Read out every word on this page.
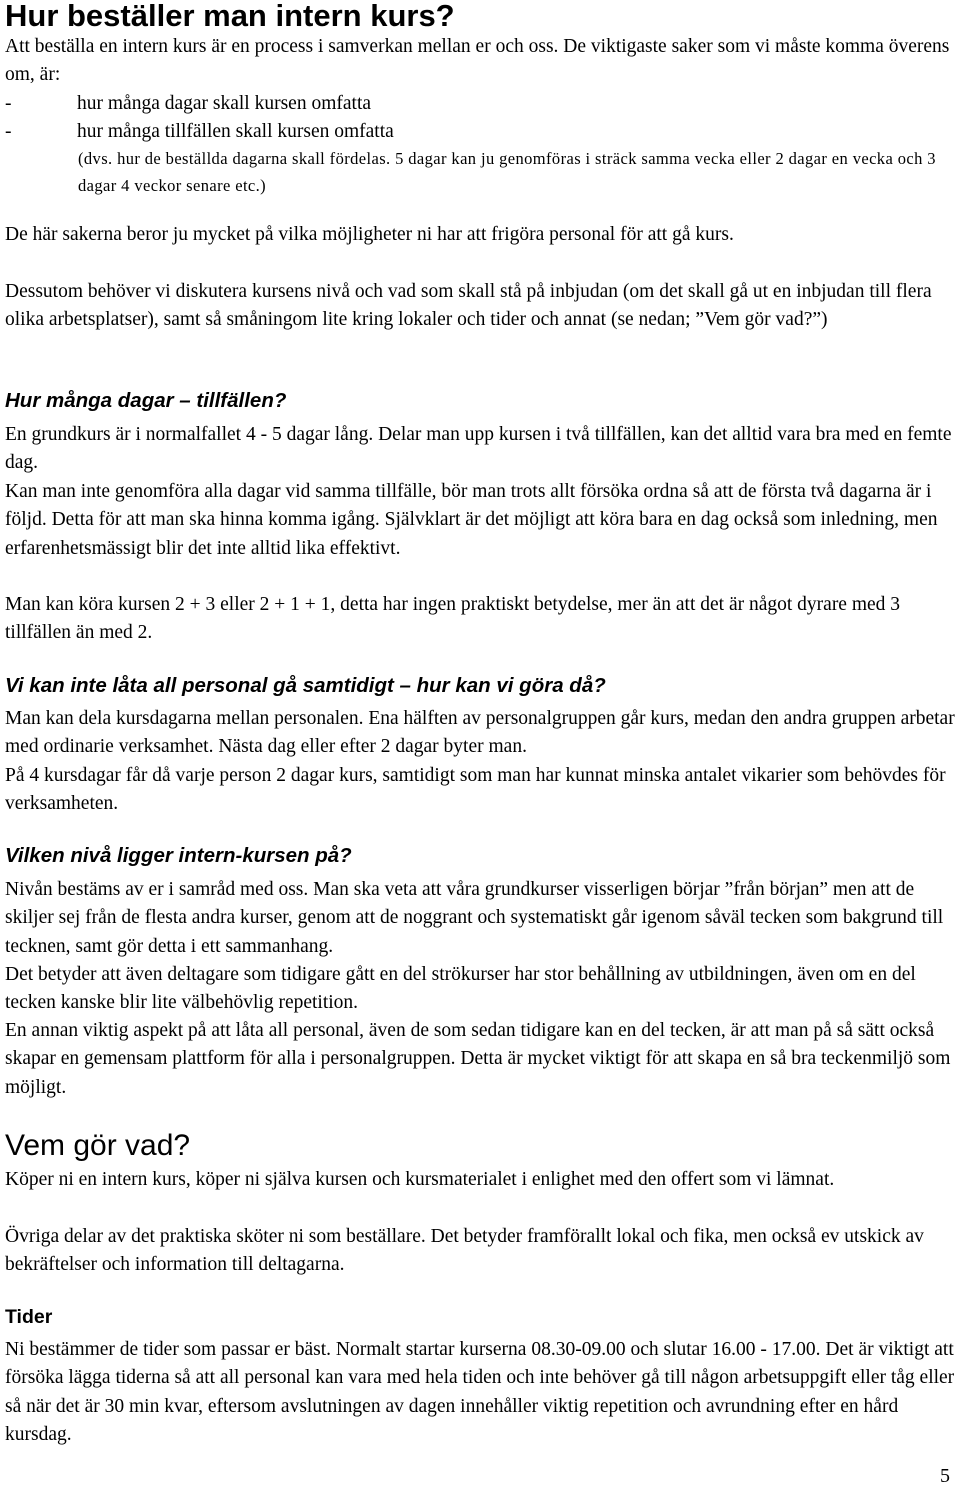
Hur beställer man intern kurs?

Att beställa en intern kurs är en process i samverkan mellan er och oss. De viktigaste saker som vi måste komma överens om, är:

-	hur många dagar skall kursen omfatta

-	hur många tillfällen skall kursen omfatta

(dvs. hur de beställda dagarna skall fördelas. 5 dagar kan ju genomföras i sträck samma vecka eller 2 dagar en vecka och 3 dagar 4 veckor senare etc.)

De här sakerna beror ju mycket på vilka möjligheter ni har att frigöra personal för att gå kurs.

Dessutom behöver vi diskutera kursens nivå och vad som skall stå på inbjudan (om det skall gå ut en inbjudan till flera olika arbetsplatser), samt så småningom lite kring lokaler och tider och annat (se nedan; ”Vem gör vad?”)

Hur många dagar – tillfällen?

En grundkurs är i normalfallet 4 - 5 dagar lång. Delar man upp kursen i två tillfällen, kan det alltid vara bra med en femte dag.

Kan man inte genomföra alla dagar vid samma tillfälle, bör man trots allt försöka ordna så att de första två dagarna är i följd. Detta för att man ska hinna komma igång. Självklart är det möjligt att köra bara en dag också som inledning, men erfarenhetsmässigt blir det inte alltid lika effektivt.

Man kan köra kursen 2 + 3 eller 2 + 1 + 1, detta har ingen praktiskt betydelse, mer än att det är något dyrare med 3 tillfällen än med 2.

Vi kan inte låta all personal gå samtidigt – hur kan vi göra då?

Man kan dela kursdagarna mellan personalen. Ena hälften av personalgruppen går kurs, medan den andra gruppen arbetar med ordinarie verksamhet. Nästa dag eller efter 2 dagar byter man.

På 4 kursdagar får då varje person 2 dagar kurs, samtidigt som man har kunnat minska antalet vikarier som behövdes för verksamheten.

Vilken nivå ligger intern-kursen på?

Nivån bestäms av er i samråd med oss. Man ska veta att våra grundkurser visserligen börjar ”från början” men att de skiljer sej från de flesta andra kurser, genom att de noggrant och systematiskt går igenom såväl tecken som bakgrund till tecknen, samt gör detta i ett sammanhang.

Det betyder att även deltagare som tidigare gått en del strökurser har stor behållning av utbildningen, även om en del tecken kanske blir lite välbehövlig repetition.

En annan viktig aspekt på att låta all personal, även de som sedan tidigare kan en del tecken, är att man på så sätt också skapar en gemensam plattform för alla i personalgruppen. Detta är mycket viktigt för att skapa en så bra teckenmiljö som möjligt.

Vem gör vad?

Köper ni en intern kurs, köper ni själva kursen och kursmaterialet i enlighet med den offert som vi lämnat.

Övriga delar av det praktiska sköter ni som beställare. Det betyder framförallt lokal och fika, men också ev utskick av bekräftelser och information till deltagarna.

Tider

Ni bestämmer de tider som passar er bäst. Normalt startar kurserna 08.30-09.00 och slutar 16.00 - 17.00. Det är viktigt att försöka lägga tiderna så att all personal kan vara med hela tiden och inte behöver gå till någon arbetsuppgift eller tåg eller så när det är 30 min kvar, eftersom avslutningen av dagen innehåller viktig repetition och avrundning efter en hård kursdag.

5
